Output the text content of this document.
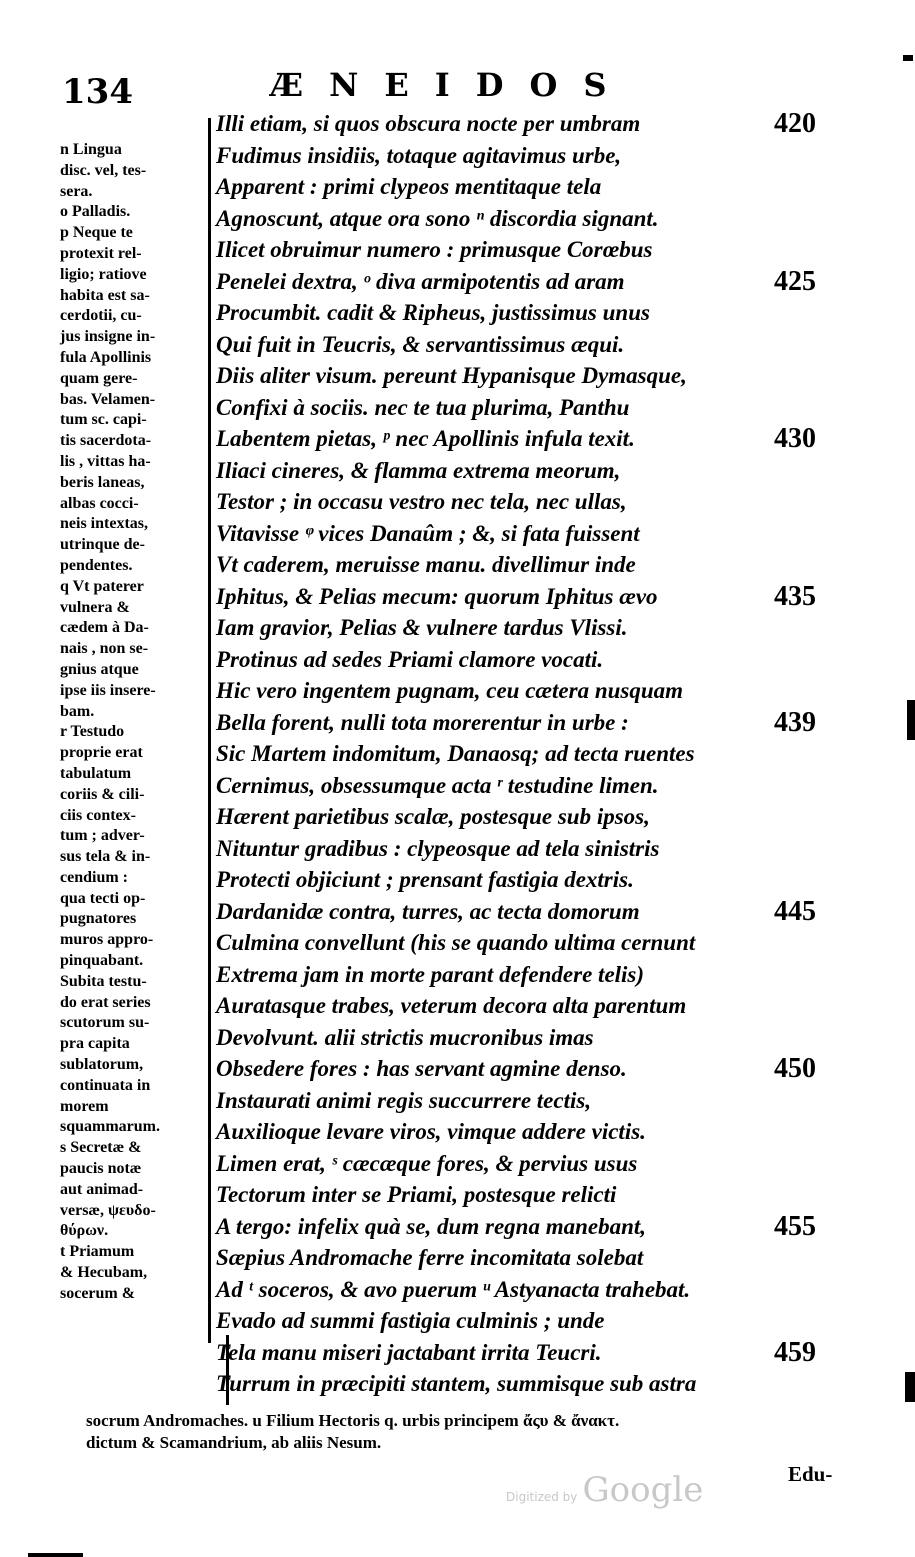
134	ÆNEIDOS
n Lingua
disc. vel, tes-
sera.
o Palladis.
p Neque te
protexit rel-
ligio; ratiove
habita est sa-
cerdotii, cu-
jus insigne in-
fula Apollinis
quam gere-
bas. Velamen-
tum sc. capi-
tis sacerdota-
lis , vittas ha-
beris laneas,
albas cocci-
neis intextas,
utrinque de-
pendentes.
q Vt paterer
vulnera &
cædem à Da-
nais , non se-
gnius atque
ipse iis insere-
bam.
r Testudo
proprie erat
tabulatum
coriis & cili-
ciis contex-
tum ; adver-
sus tela & in-
cendium :
qua tecti op-
pugnatores
muros appro-
pinquabant.
Subita testu-
do erat series
scutorum su-
pra capita
sublatorum,
continuata in
morem
squammarum.
s Secretæ &
paucis notæ
aut animad-
versæ, ψευδο-
θύρων.
t Priamum
& Hecubam,
socerum &
Illi etiam, si quos obscura nocte per umbram	420
Fudimus insidiis, totaque agitavimus urbe,
Apparent : primi clypeos mentitaque tela
Agnoscunt, atque ora sono ⁿ discordia signant.
Ilicet obruimur numero : primusque Corœbus
Penelei dextra, ᵒ diva armipotentis ad aram	425
Procumbit. cadit & Ripheus, justissimus unus
Qui fuit in Teucris, & servantissimus æqui.
Diis aliter visum. pereunt Hypanisque Dymasque,
Confixi à sociis. nec te tua plurima, Panthu
Labentem pietas, ᵖ nec Apollinis infula texit.	430
Iliaci cineres, & flamma extrema meorum,
Testor ; in occasu vestro nec tela, nec ullas,
Vitavisse ᵠ vices Danaûm ; &, si fata fuissent
Vt caderem, meruisse manu. divellimur inde
Iphitus, & Pelias mecum: quorum Iphitus ævo	435
Iam gravior, Pelias & vulnere tardus Vlissi.
Protinus ad sedes Priami clamore vocati.
Hic vero ingentem pugnam, ceu cætera nusquam
Bella forent, nulli tota morerentur in urbe :	439
Sic Martem indomitum, Danaosq; ad tecta ruentes
Cernimus, obsessumque acta ʳ testudine limen.
Hærent parietibus scalæ, postesque sub ipsos,
Nituntur gradibus : clypeosque ad tela sinistris
Protecti objiciunt ; prensant fastigia dextris.
Dardanidæ contra, turres, ac tecta domorum	445
Culmina convellunt (his se quando ultima cernunt
Extrema jam in morte parant defendere telis)
Auratasque trabes, veterum decora alta parentum
Devolvunt. alii strictis mucronibus imas
Obsedere fores : has servant agmine denso.	450
Instaurati animi regis succurrere tectis,
Auxilioque levare viros, vimque addere victis.
Limen erat, ˢ cæcæque fores, & pervius usus
Tectorum inter se Priami, postesque relicti
A tergo: infelix quà se, dum regna manebant,	455
Sæpius Andromache ferre incomitata solebat
Ad ᵗ soceros, & avo puerum ᵘ Astyanacta trahebat.
Evado ad summi fastigia culminis ; unde
Tela manu miseri jactabant irrita Teucri.	459
Turrum in præcipiti stantem, summisque sub astra
socrum Andromaches. u Filium Hectoris q. urbis principem ἄςυ & ἄνακτ.
dictum & Scamandrium, ab aliis Nesum.
Edu-
Digitized by Google
